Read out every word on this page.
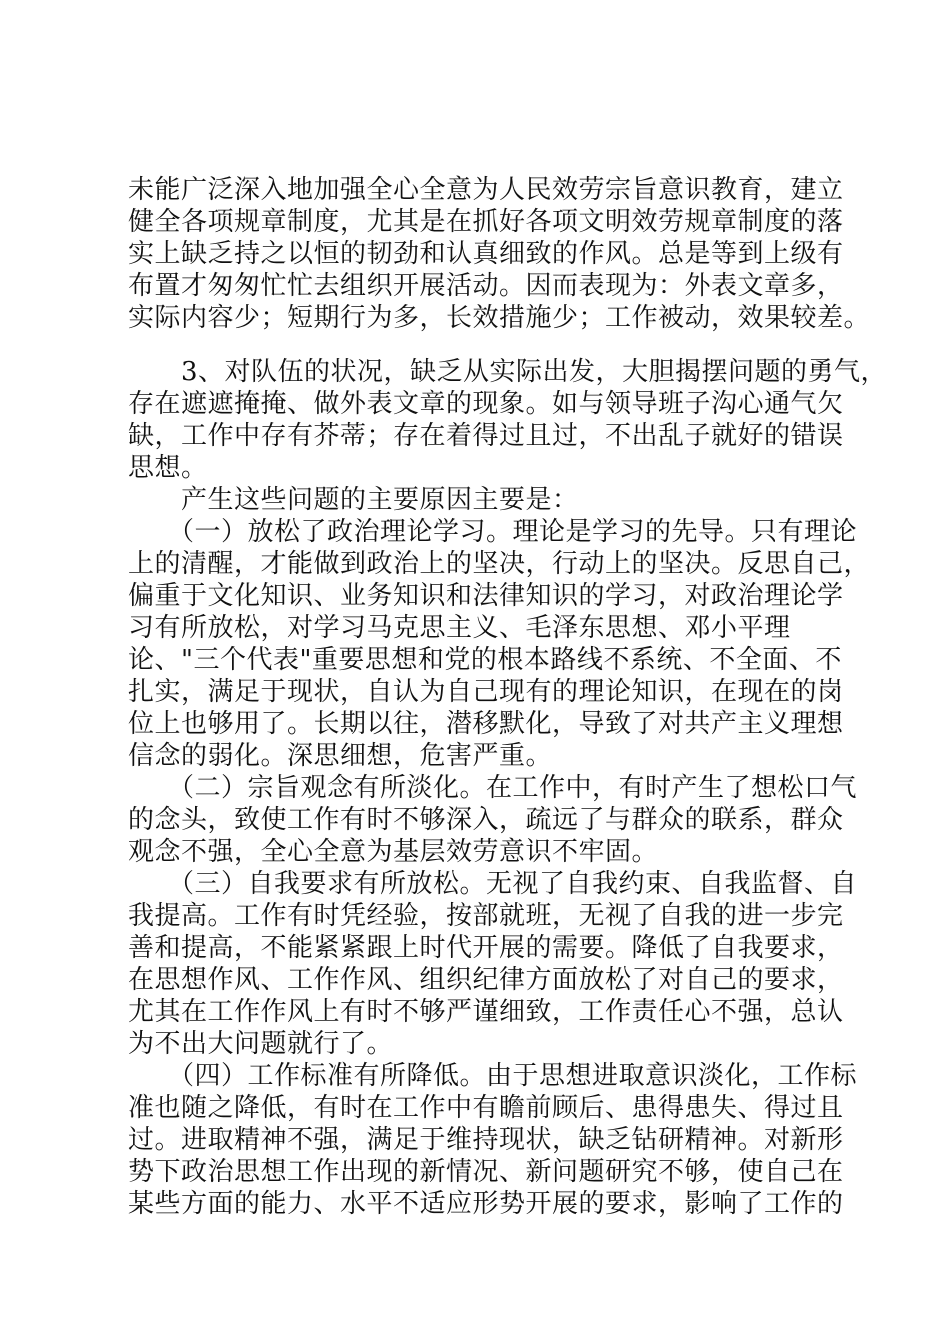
未能广泛深入地加强全心全意为人民效劳宗旨意识教育，建立
健全各项规章制度，尤其是在抓好各项文明效劳规章制度的落
实上缺乏持之以恒的韧劲和认真细致的作风。总是等到上级有
布置才匆匆忙忙去组织开展活动。因而表现为：外表文章多，
实际内容少；短期行为多，长效措施少；工作被动，效果较差。
　　3、对队伍的状况，缺乏从实际出发，大胆揭摆问题的勇气，
存在遮遮掩掩、做外表文章的现象。如与领导班子沟心通气欠
缺，工作中存有芥蒂；存在着得过且过，不出乱子就好的错误
思想。
　　产生这些问题的主要原因主要是：
　　（一）放松了政治理论学习。理论是学习的先导。只有理论
上的清醒，才能做到政治上的坚决，行动上的坚决。反思自己，
偏重于文化知识、业务知识和法律知识的学习，对政治理论学
习有所放松，对学习马克思主义、毛泽东思想、邓小平理
论、"三个代表"重要思想和党的根本路线不系统、不全面、不
扎实，满足于现状，自认为自己现有的理论知识，在现在的岗
位上也够用了。长期以往，潜移默化，导致了对共产主义理想
信念的弱化。深思细想，危害严重。
　　（二）宗旨观念有所淡化。在工作中，有时产生了想松口气
的念头，致使工作有时不够深入，疏远了与群众的联系，群众
观念不强，全心全意为基层效劳意识不牢固。
　　（三）自我要求有所放松。无视了自我约束、自我监督、自
我提高。工作有时凭经验，按部就班，无视了自我的进一步完
善和提高，不能紧紧跟上时代开展的需要。降低了自我要求，
在思想作风、工作作风、组织纪律方面放松了对自己的要求，
尤其在工作作风上有时不够严谨细致，工作责任心不强，总认
为不出大问题就行了。
　　（四）工作标准有所降低。由于思想进取意识淡化，工作标
准也随之降低，有时在工作中有瞻前顾后、患得患失、得过且
过。进取精神不强，满足于维持现状，缺乏钻研精神。对新形
势下政治思想工作出现的新情况、新问题研究不够，使自己在
某些方面的能力、水平不适应形势开展的要求，影响了工作的
